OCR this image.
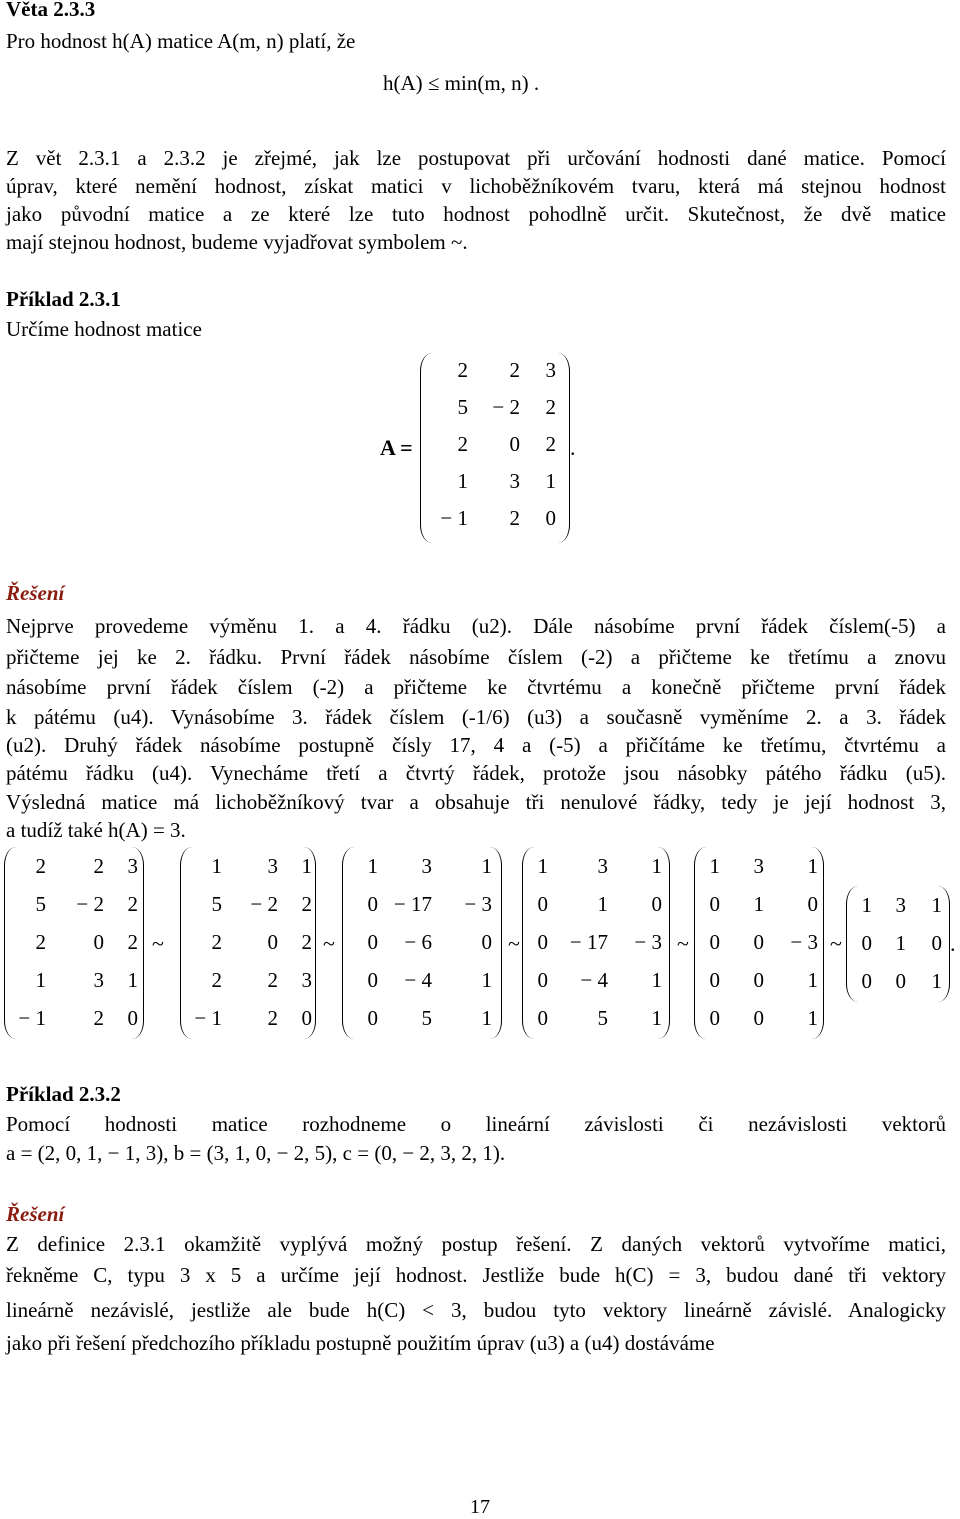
Věta 2.3.3
Pro hodnost h(A) matice A(m, n) platí, že
h(A) ≤ min(m, n) .
Z vět 2.3.1 a 2.3.2 je zřejmé, jak lze postupovat při určování hodnosti dané matice. Pomocí
úprav, které nemění hodnost, získat matici v lichoběžníkovém tvaru, která má stejnou hodnost
jako původní matice a ze které lze tuto hodnost pohodlně určit. Skutečnost, že dvě matice
mají stejnou hodnost, budeme vyjadřovat symbolem ~.
Příklad 2.3.1
Určíme hodnost matice
A =
2 2 3
5 − 2 2
2 0 2
1 3 1
− 1 2 0
.
Řešení
Nejprve provedeme výměnu 1. a 4. řádku (u2). Dále násobíme první řádek číslem(-5) a
přičteme jej ke 2. řádku. První řádek násobíme číslem (-2) a přičteme ke třetímu a znovu
násobíme první řádek číslem (-2) a přičteme ke čtvrtému a konečně přičteme první řádek
k pátému (u4). Vynásobíme 3. řádek číslem (-1/6) (u3) a současně vyměníme 2. a 3. řádek
(u2). Druhý řádek násobíme postupně čísly 17, 4 a (-5) a přičítáme ke třetímu, čtvrtému a
pátému řádku (u4). Vynecháme třetí a čtvrtý řádek, protože jsou násobky pátého řádku (u5).
Výsledná matice má lichoběžníkový tvar a obsahuje tři nenulové řádky, tedy je její hodnost 3,
a tudíž také h(A) = 3.
2 2 3
5 − 2 2
2 0 2
1 3 1
− 1 2 0
1 3 1
5 − 2 2
2 0 2
2 2 3
− 1 2 0
1 3 1
0 − 17 − 3
0 − 6 0
0 − 4 1
0 5 1
1 3 1
0 1 0
0 − 17 − 3
0 − 4 1
0 5 1
1 3 1
0 1 0
0 0 − 3
0 0 1
0 0 1
1 3 1
0 1 0
0 0 1
~	~	~	~	~	.
Příklad 2.3.2
Pomocí hodnosti matice rozhodneme o lineární závislosti či nezávislosti vektorů
a = (2, 0, 1, − 1, 3), b = (3, 1, 0, − 2, 5), c = (0, − 2, 3, 2, 1).
Řešení
Z definice 2.3.1 okamžitě vyplývá možný postup řešení. Z daných vektorů vytvoříme matici,
řekněme C, typu 3 x 5 a určíme její hodnost. Jestliže bude h(C) = 3, budou dané tři vektory
lineárně nezávislé, jestliže ale bude h(C) < 3, budou tyto vektory lineárně závislé. Analogicky
jako při řešení předchozího příkladu postupně použitím úprav (u3) a (u4) dostáváme
17
